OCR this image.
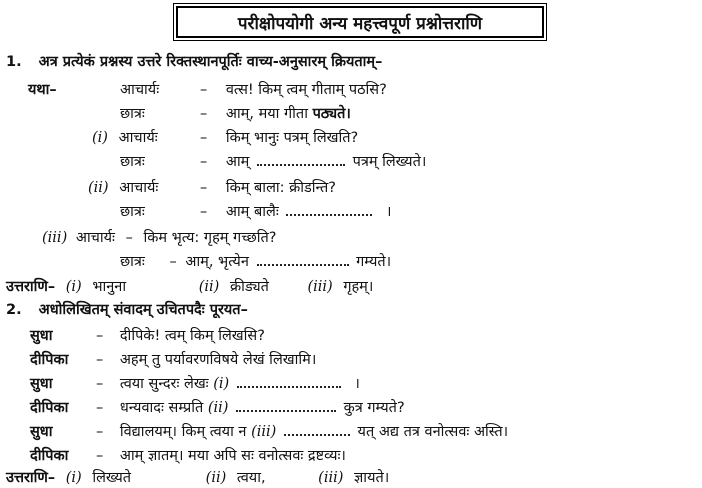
परीक्षोपयोगी अन्य महत्त्वपूर्ण प्रश्नोत्तराणि
1. अत्र प्रत्येकं प्रश्नस्य उत्तरे रिक्तस्थानपूर्तिः वाच्य-अनुसारम् क्रियताम्–
यथा–	आचार्यः	– वत्स! किम् त्वम् गीताम् पठसि?
छात्रः	– आम्, मया गीता पठ्यते।
(i) आचार्यः	– किम् भानुः पत्रम् लिखति?
छात्रः	– आम्	पत्रम् लिख्यते।
(ii) आचार्यः	– किम् बाला: क्रीडन्ति?
छात्रः	– आम् बालैः	।
(iii) आचार्यः – किम भृत्य: गृहम् गच्छति?
छात्रः – आम्, भृत्येन	गम्यते।
उत्तराणि– (i) भानुना	(ii) क्रीड्यते	(iii) गृहम्।
2. अधोलिखितम् संवादम् उचितपदैः पूरयत–
सुधा	– दीपिके! त्वम् किम् लिखसि?
दीपिका – अहम् तु पर्यावरणविषये लेखं लिखामि।
सुधा	– त्वया सुन्दरः लेखः (i)	।
दीपिका – धन्यवादः सम्प्रति (ii)	कुत्र गम्यते?
सुधा	– विद्यालयम्। किम् त्वया न (iii)	यत् अद्य तत्र वनोत्सवः अस्ति।
दीपिका – आम् ज्ञातम्। मया अपि सः वनोत्सवः द्रष्टव्यः।
उत्तराणि– (i) लिख्यते	(ii) त्वया,	(iii) ज्ञायते।
